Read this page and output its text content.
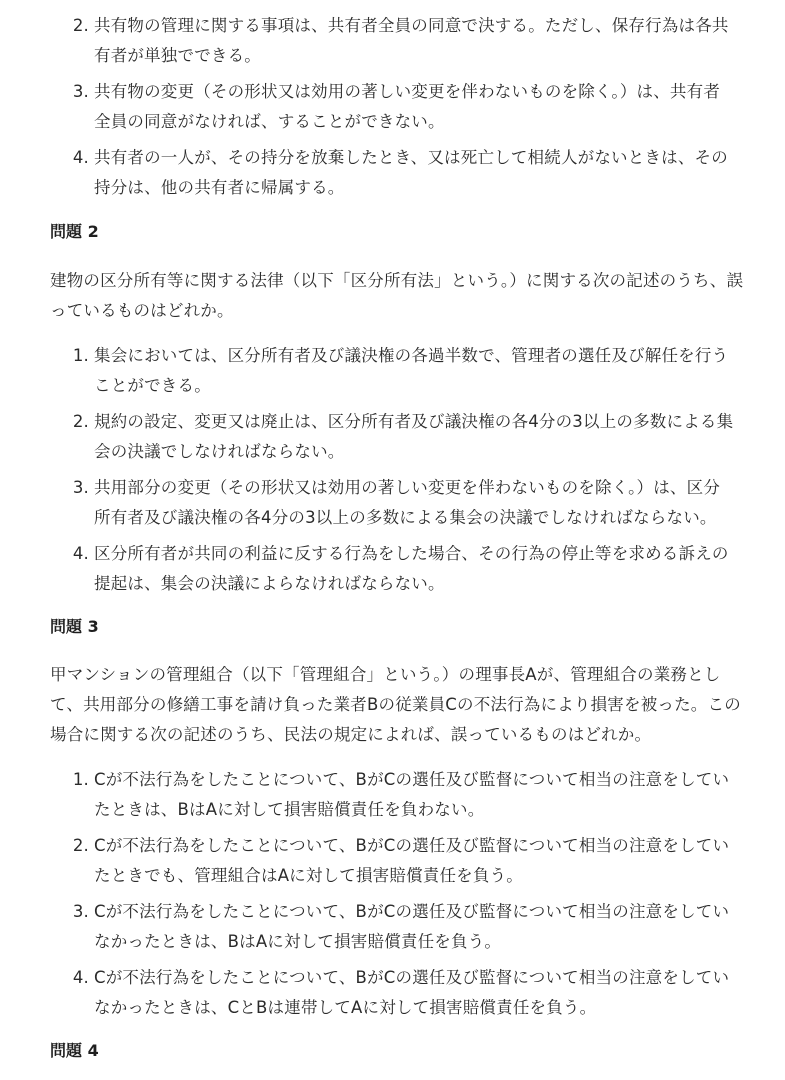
2. 共有物の管理に関する事項は、共有者全員の同意で決する。ただし、保存行為は各共有者が単独でできる。
3. 共有物の変更（その形状又は効用の著しい変更を伴わないものを除く。）は、共有者全員の同意がなければ、することができない。
4. 共有者の一人が、その持分を放棄したとき、又は死亡して相続人がないときは、その持分は、他の共有者に帰属する。
問題 2
建物の区分所有等に関する法律（以下「区分所有法」という。）に関する次の記述のうち、誤っているものはどれか。
1. 集会においては、区分所有者及び議決権の各過半数で、管理者の選任及び解任を行うことができる。
2. 規約の設定、変更又は廃止は、区分所有者及び議決権の各4分の3以上の多数による集会の決議でしなければならない。
3. 共用部分の変更（その形状又は効用の著しい変更を伴わないものを除く。）は、区分所有者及び議決権の各4分の3以上の多数による集会の決議でしなければならない。
4. 区分所有者が共同の利益に反する行為をした場合、その行為の停止等を求める訴えの提起は、集会の決議によらなければならない。
問題 3
甲マンションの管理組合（以下「管理組合」という。）の理事長Aが、管理組合の業務として、共用部分の修繕工事を請け負った業者Bの従業員Cの不法行為により損害を被った。この場合に関する次の記述のうち、民法の規定によれば、誤っているものはどれか。
1. Cが不法行為をしたことについて、BがCの選任及び監督について相当の注意をしていたときは、BはAに対して損害賠償責任を負わない。
2. Cが不法行為をしたことについて、BがCの選任及び監督について相当の注意をしていたときでも、管理組合はAに対して損害賠償責任を負う。
3. Cが不法行為をしたことについて、BがCの選任及び監督について相当の注意をしていなかったときは、BはAに対して損害賠償責任を負う。
4. Cが不法行為をしたことについて、BがCの選任及び監督について相当の注意をしていなかったときは、CとBは連帯してAに対して損害賠償責任を負う。
問題 4
